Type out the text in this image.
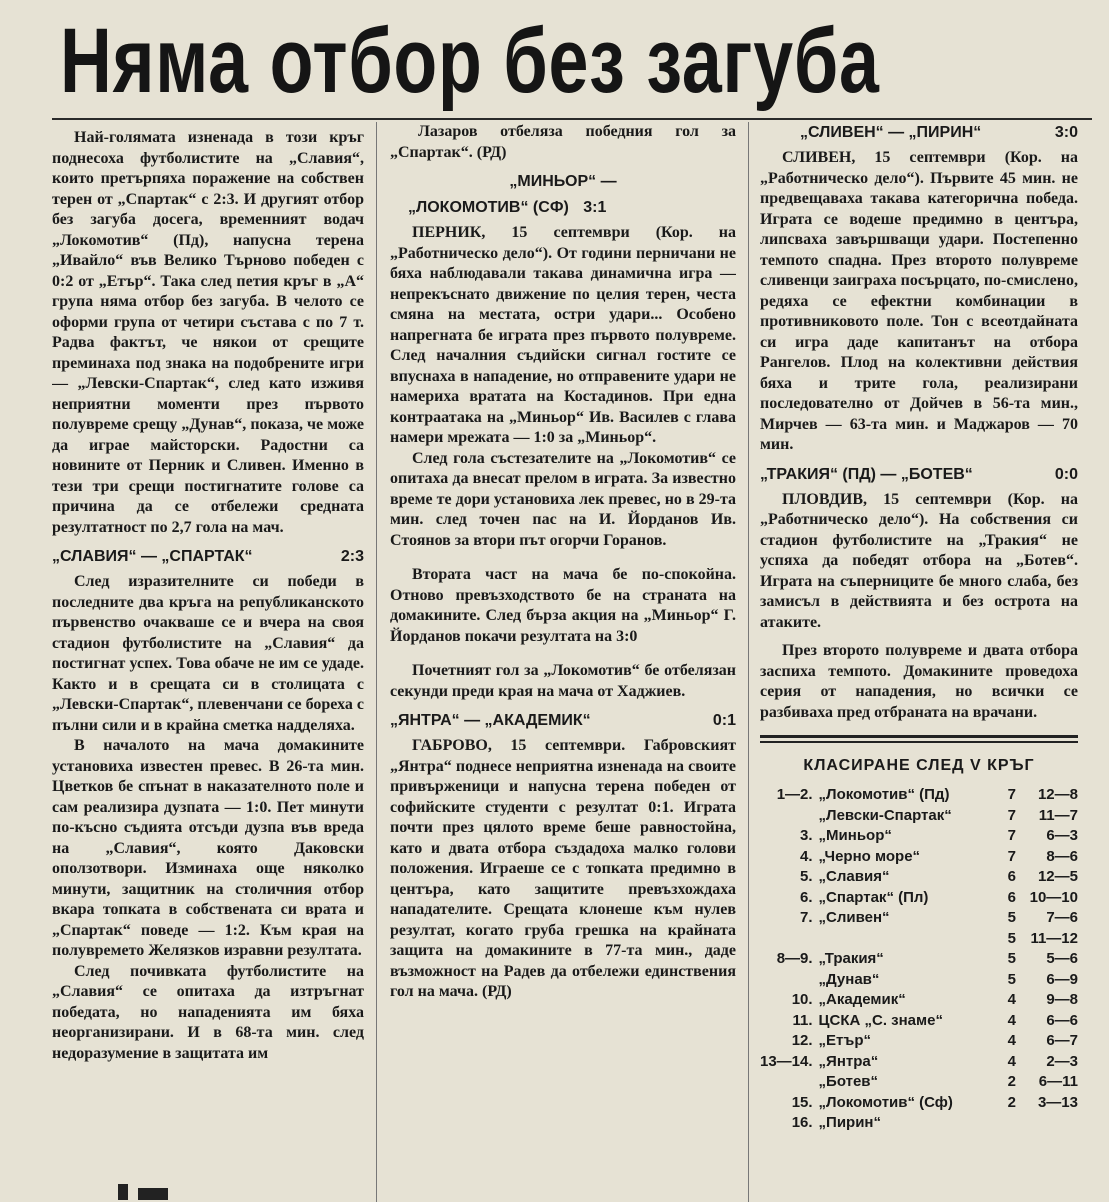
Няма отбор без загуба

Най-голямата изненада в този кръг поднесоха футболистите на „Славия“, които претърпяха поражение на собствен терен от „Спартак“ с 2:3. И другият отбор без загуба досега, временният водач „Локомотив“ (Пд), напусна терена „Ивайло“ във Велико Търново победен с 0:2 от „Етър“. Така след петия кръг в „А“ група няма отбор без загуба. В челото се оформи група от четири състава с по 7 т. Радва фактът, че някои от срещите преминаха под знака на подобрените игри — „Левски-Спартак“, след като изживя неприятни моменти през първото полувреме срещу „Дунав“, показа, че може да играе майсторски. Радостни са новините от Перник и Сливен. Именно в тези три срещи постигнатите голове са причина да се отбележи средната резултатност по 2,7 гола на мач.

„СЛАВИЯ“ — „СПАРТАК“	2:3

След изразителните си победи в последните два кръга на републиканското първенство очакваше се и вчера на своя стадион футболистите на „Славия“ да постигнат успех. Това обаче не им се удаде. Както и в срещата си в столицата с „Левски-Спартак“, плевенчани се бореха с пълни сили и в крайна сметка надделяха.

В началото на мача домакините установиха известен превес. В 26-та мин. Цветков бе спънат в наказателното поле и сам реализира дузпата — 1:0. Пет минути по-късно съдията отсъди дузпа във вреда на „Славия“, която Даковски оползотвори. Изминаха още няколко минути, защитник на столичния отбор вкара топката в собствената си врата и „Спартак“ поведе — 1:2. Към края на полувремето Желязков изравни резултата.

След почивката футболистите на „Славия“ се опитаха да изтръгнат победата, но нападенията им бяха неорганизирани. И в 68-та мин. след недоразумение в защитата им

Лазаров отбеляза победния гол за „Спартак“. (РД)

„МИНЬОР“ —
„ЛОКОМОТИВ“ (СФ) 3:1

ПЕРНИК, 15 септември (Кор. на „Работническо дело“). От години перничани не бяха наблюдавали такава динамична игра — непрекъснато движение по целия терен, честа смяна на местата, остри удари... Особено напрегната бе играта през първото полувреме. След началния съдийски сигнал гостите се впуснаха в нападение, но отправените удари не намериха вратата на Костадинов. При една контраатака на „Миньор“ Ив. Василев с глава намери мрежата — 1:0 за „Миньор“.

След гола състезателите на „Локомотив“ се опитаха да внесат прелом в играта. За известно време те дори установиха лек превес, но в 29-та мин. след точен пас на И. Йорданов Ив. Стоянов за втори път огорчи Горанов.

Втората част на мача бе по-спокойна. Отново превъзходството бе на страната на домакините. След бърза акция на „Миньор“ Г. Йорданов покачи резултата на 3:0

Почетният гол за „Локомотив“ бе отбелязан секунди преди края на мача от Хаджиев.

„ЯНТРА“ — „АКАДЕМИК“	0:1

ГАБРОВО, 15 септември. Габровският „Янтра“ поднесе неприятна изненада на своите привърженици и напусна терена победен от софийските студенти с резултат 0:1. Играта почти през цялото време беше равностойна, като и двата отбора създадоха малко голови положения. Играеше се с топката предимно в центъра, като защитите превъзхождаха нападателите. Срещата клонеше към нулев резултат, когато груба грешка на крайната защита на домакините в 77-та мин., даде възможност на Радев да отбележи единствения гол на мача. (РД)

„СЛИВЕН“ — „ПИРИН“	3:0

СЛИВЕН, 15 септември (Кор. на „Работническо дело“). Първите 45 мин. не предвещаваха такава категорична победа. Играта се водеше предимно в центъра, липсваха завършващи удари. Постепенно темпото спадна. През второто полувреме сливенци заиграха посърцато, по-смислено, редяха се ефектни комбинации в противниковото поле. Тон с всеотдайната си игра даде капитанът на отбора Рангелов. Плод на колективни действия бяха и трите гола, реализирани последователно от Дойчев в 56-та мин., Мирчев — 63-та мин. и Маджаров — 70 мин.

„ТРАКИЯ“ (ПД) — „БОТЕВ“	0:0

ПЛОВДИВ, 15 септември (Кор. на „Работническо дело“). На собствения си стадион футболистите на „Тракия“ не успяха да победят отбора на „Ботев“. Играта на съперниците бе много слаба, без замисъл в действията и без острота на атаките.

През второто полувреме и двата отбора заспиха темпото. Домакините проведоха серия от нападения, но всички се разбиваха пред отбраната на врачани.

КЛАСИРАНЕ СЛЕД V КРЪГ
1—2.	„Локомотив“ (Пд)	7	12—8
	„Левски-Спартак“	7	11—7
3.	„Миньор“	7	6—3
4.	„Черно море“	7	8—6
5.	„Славия“	6	12—5
6.	„Спартак“ (Пл)	6	10—10
7.	„Сливен“	5	7—6
		5	11—12
8—9.	„Тракия“	5	5—6
	„Дунав“	5	6—9
10.	„Академик“	4	9—8
11.	ЦСКА „С. знаме“	4	6—6
12.	„Етър“	4	6—7
13—14.	„Янтра“	4	2—3
	„Ботев“	2	6—11
15.	„Локомотив“ (Сф)	2	3—13
16.	„Пирин“		
